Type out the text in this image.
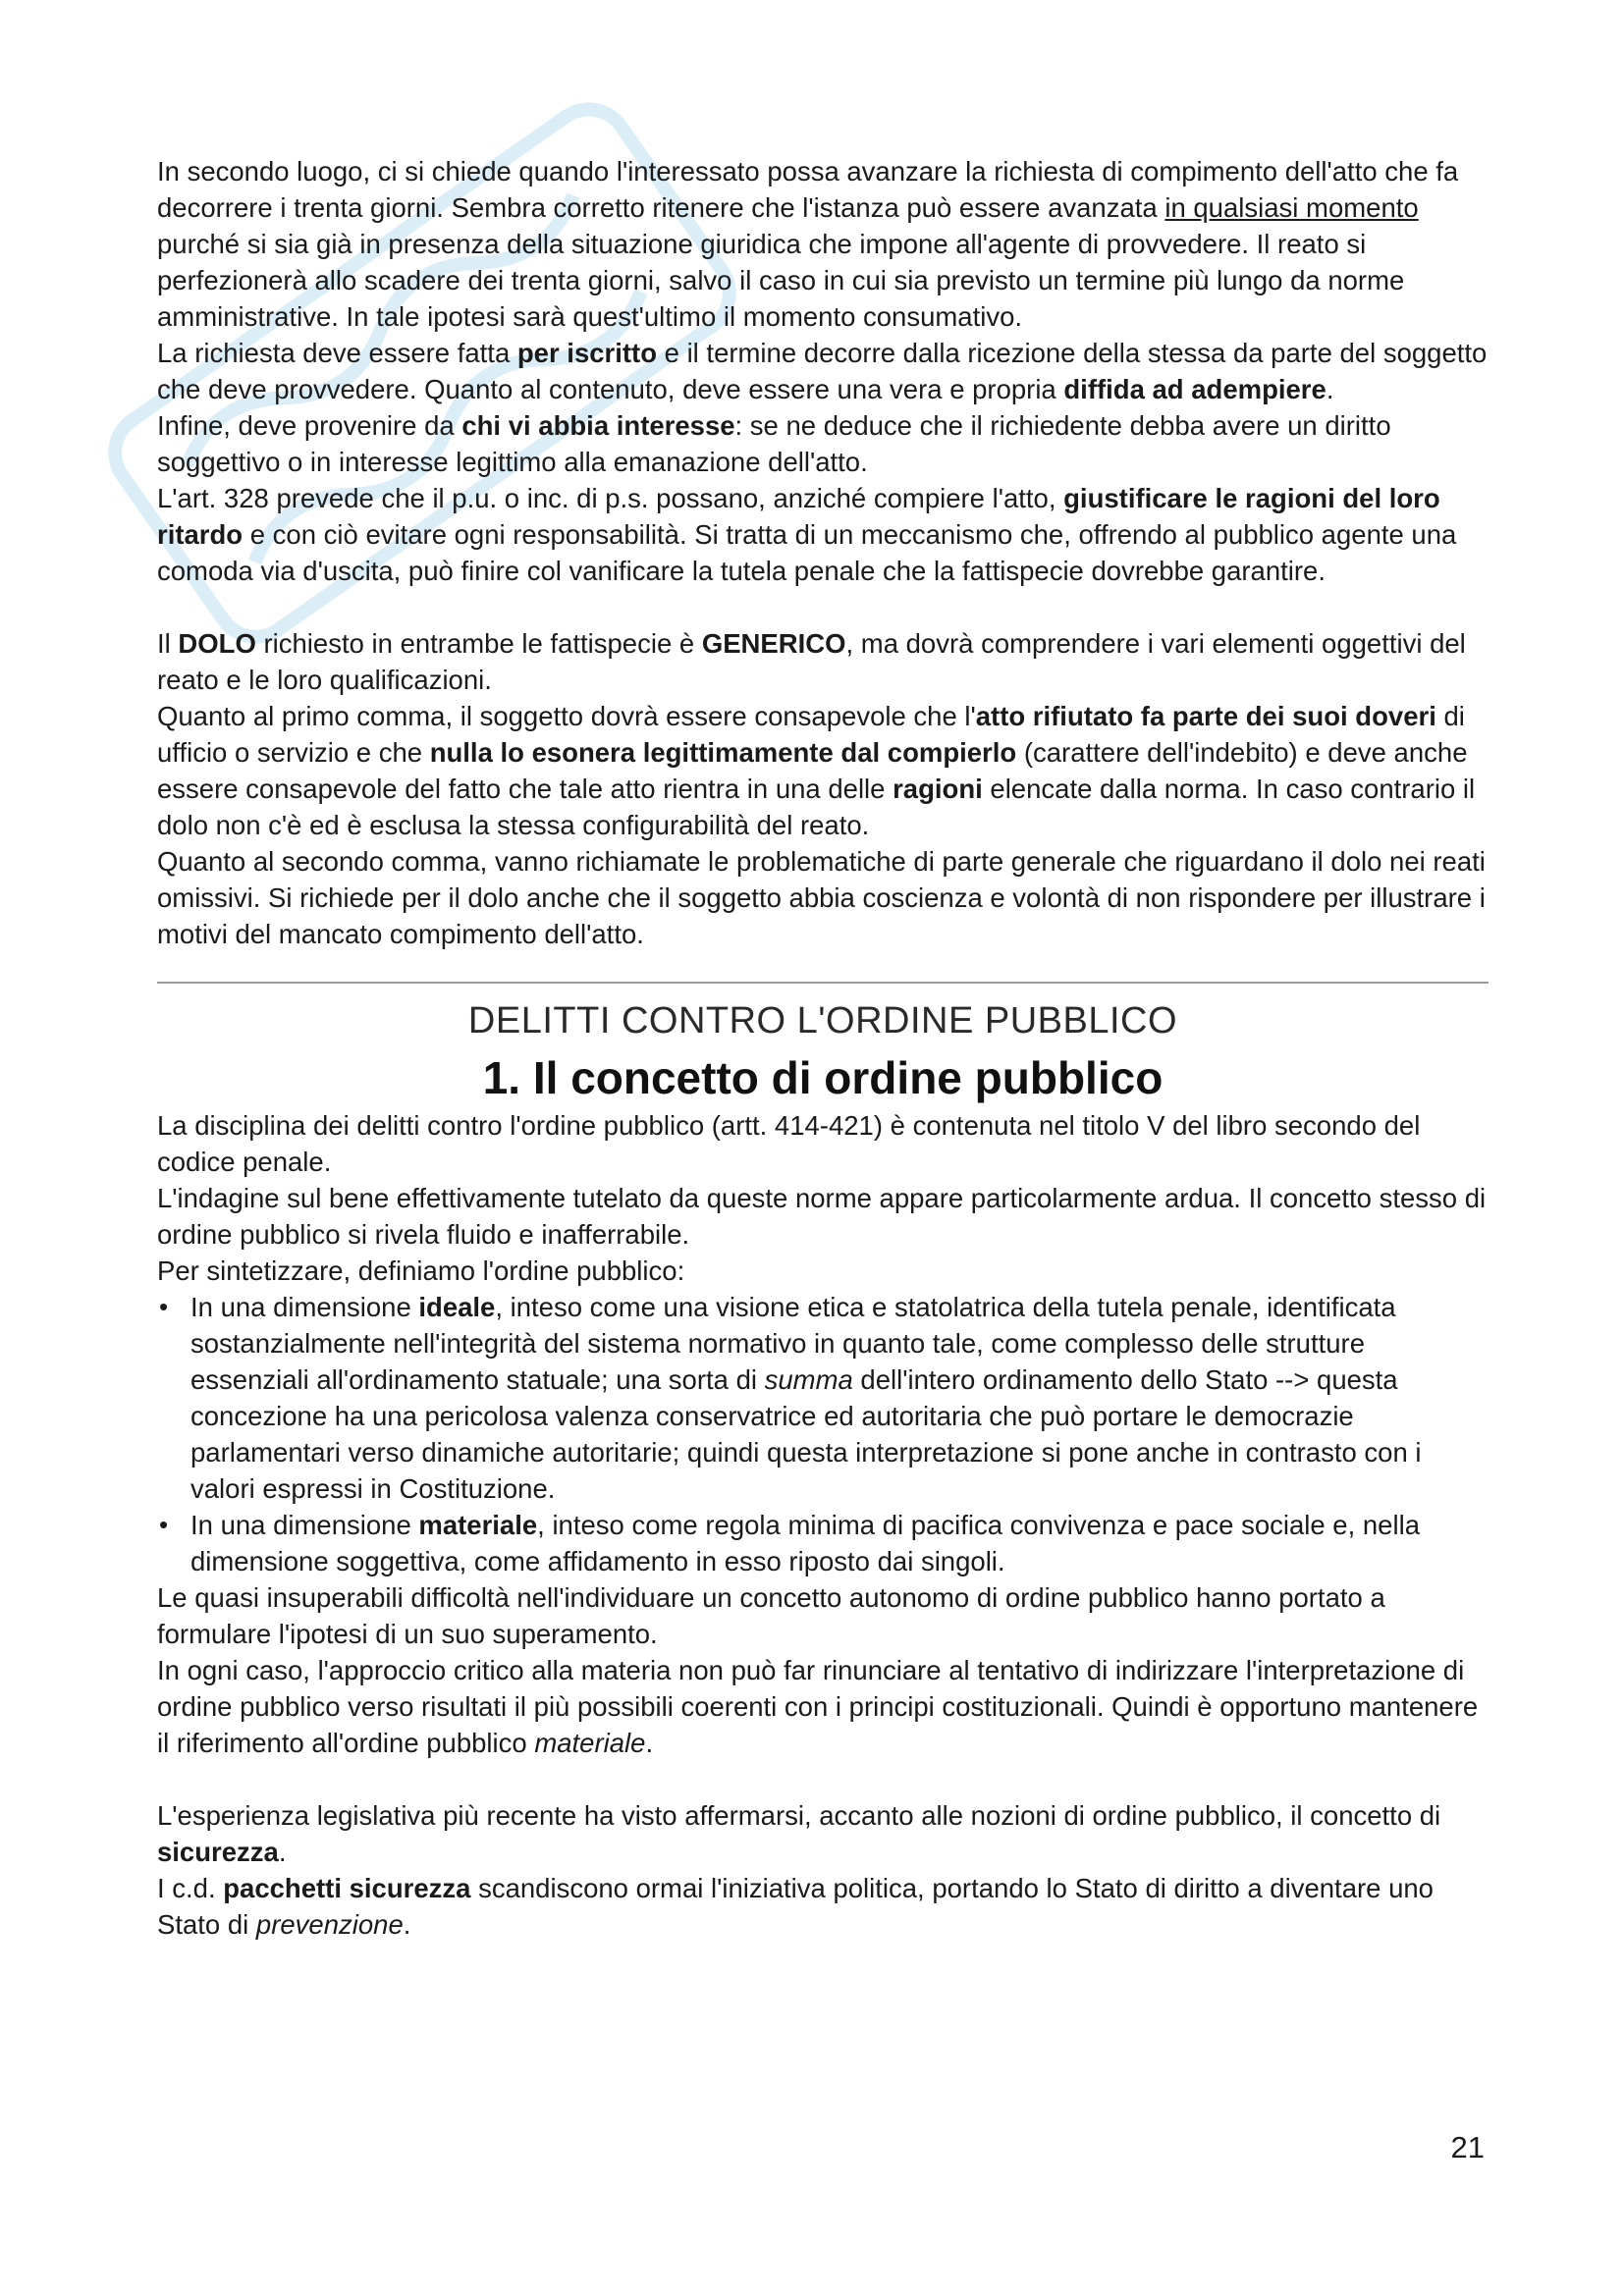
In secondo luogo, ci si chiede quando l'interessato possa avanzare la richiesta di compimento dell'atto che fa decorrere i trenta giorni. Sembra corretto ritenere che l'istanza può essere avanzata in qualsiasi momento purché si sia già in presenza della situazione giuridica che impone all'agente di provvedere. Il reato si perfezionerà allo scadere dei trenta giorni, salvo il caso in cui sia previsto un termine più lungo da norme amministrative. In tale ipotesi sarà quest'ultimo il momento consumativo.

La richiesta deve essere fatta per iscritto e il termine decorre dalla ricezione della stessa da parte del soggetto che deve provvedere. Quanto al contenuto, deve essere una vera e propria diffida ad adempiere.

Infine, deve provenire da chi vi abbia interesse: se ne deduce che il richiedente debba avere un diritto soggettivo o in interesse legittimo alla emanazione dell'atto.

L'art. 328 prevede che il p.u. o inc. di p.s. possano, anziché compiere l'atto, giustificare le ragioni del loro ritardo e con ciò evitare ogni responsabilità. Si tratta di un meccanismo che, offrendo al pubblico agente una comoda via d'uscita, può finire col vanificare la tutela penale che la fattispecie dovrebbe garantire.

Il DOLO richiesto in entrambe le fattispecie è GENERICO, ma dovrà comprendere i vari elementi oggettivi del reato e le loro qualificazioni.

Quanto al primo comma, il soggetto dovrà essere consapevole che l'atto rifiutato fa parte dei suoi doveri di ufficio o servizio e che nulla lo esonera legittimamente dal compierlo (carattere dell'indebito) e deve anche essere consapevole del fatto che tale atto rientra in una delle ragioni elencate dalla norma. In caso contrario il dolo non c'è ed è esclusa la stessa configurabilità del reato.

Quanto al secondo comma, vanno richiamate le problematiche di parte generale che riguardano il dolo nei reati omissivi. Si richiede per il dolo anche che il soggetto abbia coscienza e volontà di non rispondere per illustrare i motivi del mancato compimento dell'atto.

DELITTI CONTRO L'ORDINE PUBBLICO
1. Il concetto di ordine pubblico

La disciplina dei delitti contro l'ordine pubblico (artt. 414-421) è contenuta nel titolo V del libro secondo del codice penale.

L'indagine sul bene effettivamente tutelato da queste norme appare particolarmente ardua. Il concetto stesso di ordine pubblico si rivela fluido e inafferrabile.

Per sintetizzare, definiamo l'ordine pubblico:

• In una dimensione ideale, inteso come una visione etica e statolatrica della tutela penale, identificata sostanzialmente nell'integrità del sistema normativo in quanto tale, come complesso delle strutture essenziali all'ordinamento statuale; una sorta di summa dell'intero ordinamento dello Stato --> questa concezione ha una pericolosa valenza conservatrice ed autoritaria che può portare le democrazie parlamentari verso dinamiche autoritarie; quindi questa interpretazione si pone anche in contrasto con i valori espressi in Costituzione.
• In una dimensione materiale, inteso come regola minima di pacifica convivenza e pace sociale e, nella dimensione soggettiva, come affidamento in esso riposto dai singoli.

Le quasi insuperabili difficoltà nell'individuare un concetto autonomo di ordine pubblico hanno portato a formulare l'ipotesi di un suo superamento.

In ogni caso, l'approccio critico alla materia non può far rinunciare al tentativo di indirizzare l'interpretazione di ordine pubblico verso risultati il più possibili coerenti con i principi costituzionali. Quindi è opportuno mantenere il riferimento all'ordine pubblico materiale.

L'esperienza legislativa più recente ha visto affermarsi, accanto alle nozioni di ordine pubblico, il concetto di sicurezza.

I c.d. pacchetti sicurezza scandiscono ormai l'iniziativa politica, portando lo Stato di diritto a diventare uno Stato di prevenzione.

21
